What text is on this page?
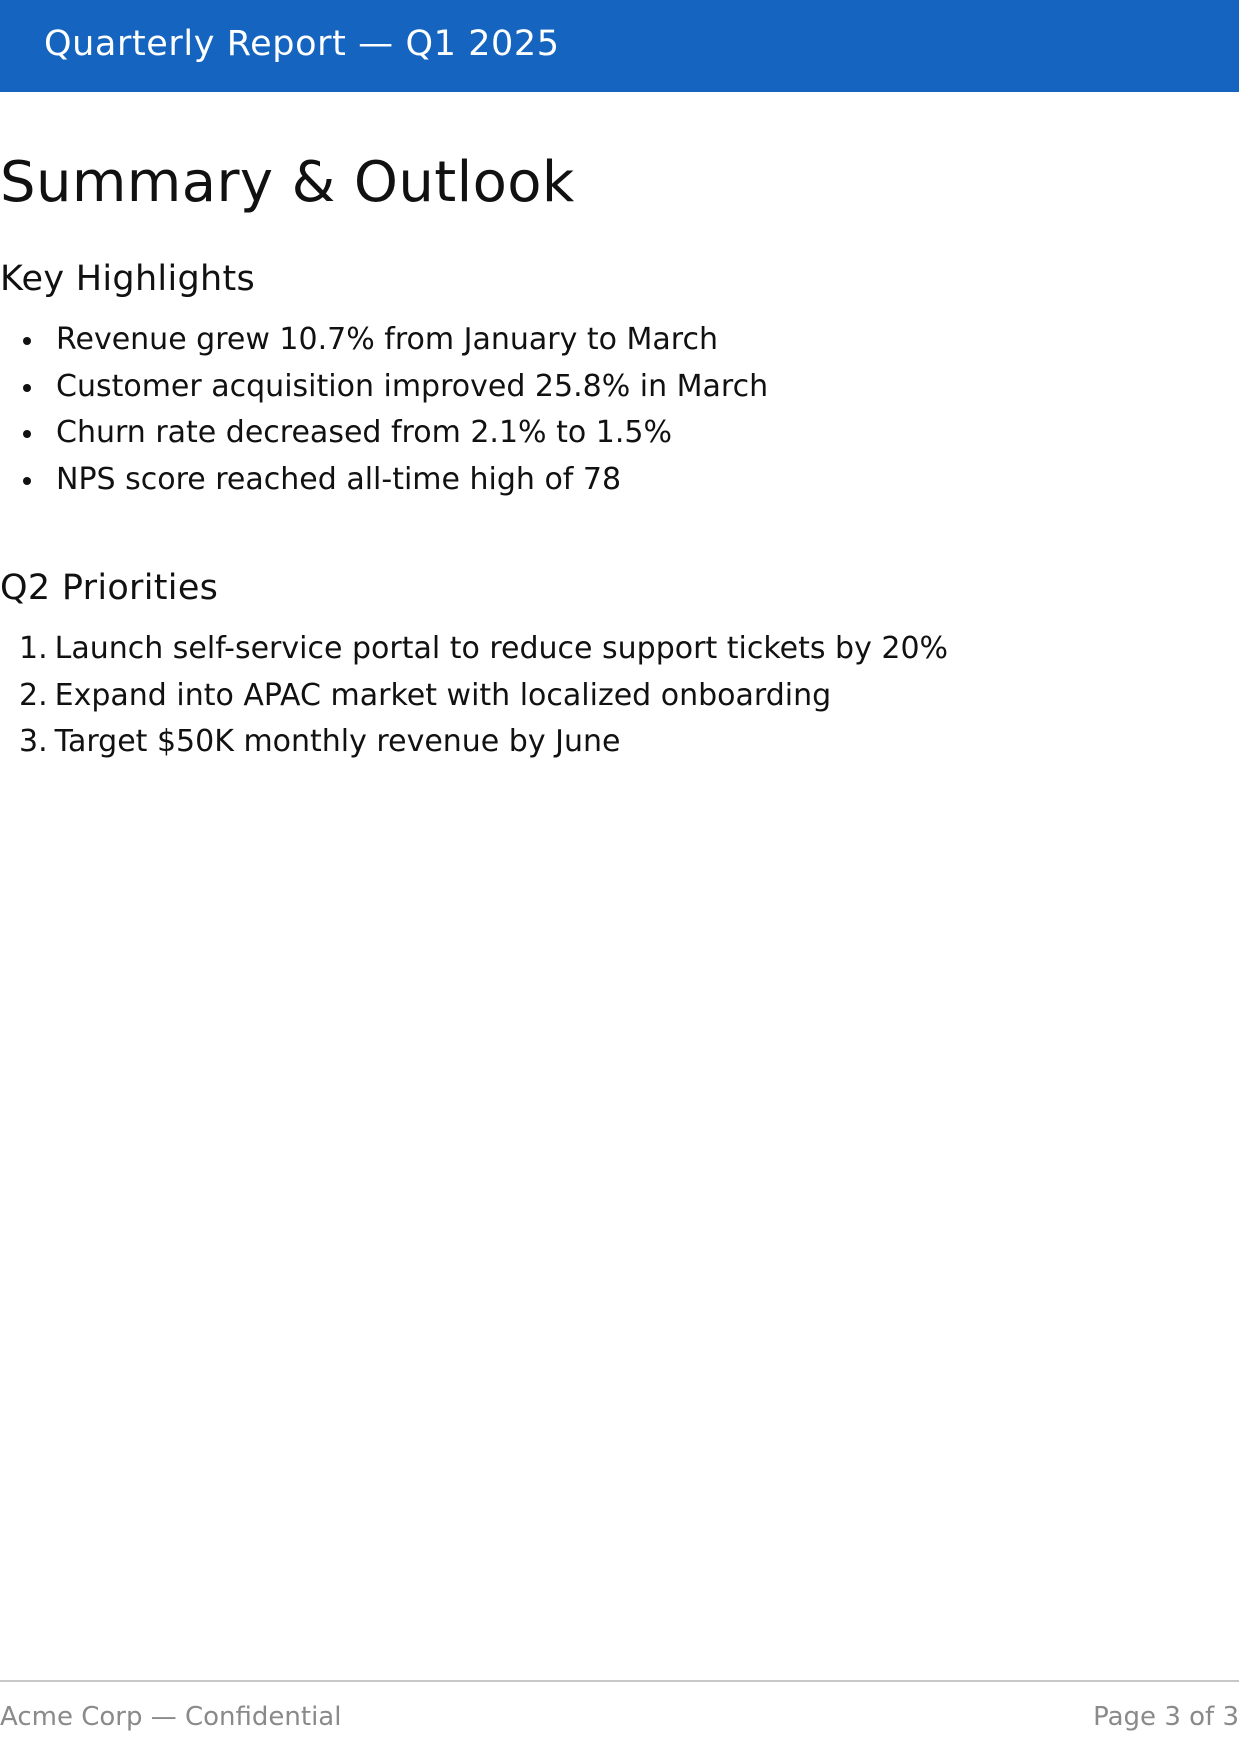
Quarterly Report — Q1 2025
Summary & Outlook
Key Highlights
Revenue grew 10.7% from January to March
Customer acquisition improved 25.8% in March
Churn rate decreased from 2.1% to 1.5%
NPS score reached all-time high of 78
Q2 Priorities
1. Launch self-service portal to reduce support tickets by 20%
2. Expand into APAC market with localized onboarding
3. Target $50K monthly revenue by June
Acme Corp — Confidential	Page 3 of 3
